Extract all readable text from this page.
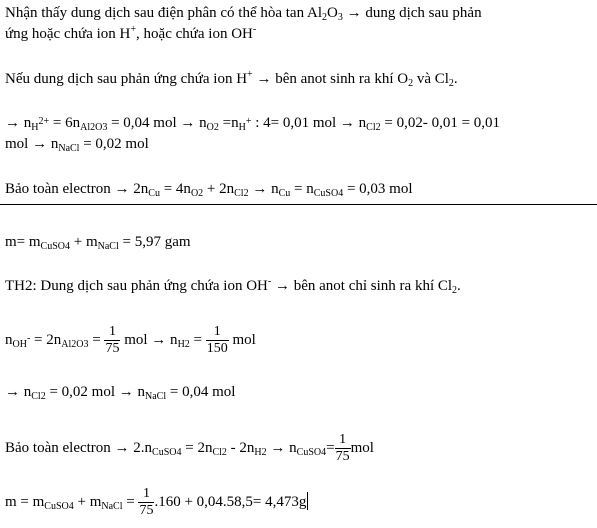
Nhận thấy dung dịch sau điện phân có thể hòa $\tan Al_2O_3$ → dung dịch sau phản
ứng hoặc chứa ion H+, hoặc chứa ion OH-
Nếu dung dịch sau phản ứng chứa ion H+ → bên anot sinh ra khí $O_2$ và $Cl_2$.
→ $n_{H^{2+}} = 6n_{Al2O3} = 0,04$ mol → $n_{O2} =n_{H^+}$ : 4= 0,01 mol → $n_{Cl2} = 0,02-$ 0,01 = 0,01
mol → $n_{NaCl} = 0,02$ mol
Bảo toàn electron → $2n_{Cu} = 4n_{O2} + 2n_{Cl2} \to n_{Cu} = n_{CuSO4} = 0,03$ mol
$m= m_{CuSO4} + m_{NaCl} = 5,97$ gam
TH2: Dung dịch sau phản ứng chứa ion OH- → bên anot chỉ sinh ra khí $Cl_2$.
$n_{OH^-} = 2n_{Al2O3} = \frac{1}{75}$ mol → $n_{H2} = \frac{1}{150}$ mol
→ $n_{Cl2} = 0,02$ mol → $n_{NaCl} = 0,04$ mol
Bảo toàn electron → $2.n_{CuSO4} = 2n_{Cl2} - 2n_{H2} \to n_{CuSO4}= \frac{1}{75}$ mol
$m = m_{CuSO4} + m_{NaCl} = \frac{1}{75} .160 + 0,04.58,5= 4,473g$
